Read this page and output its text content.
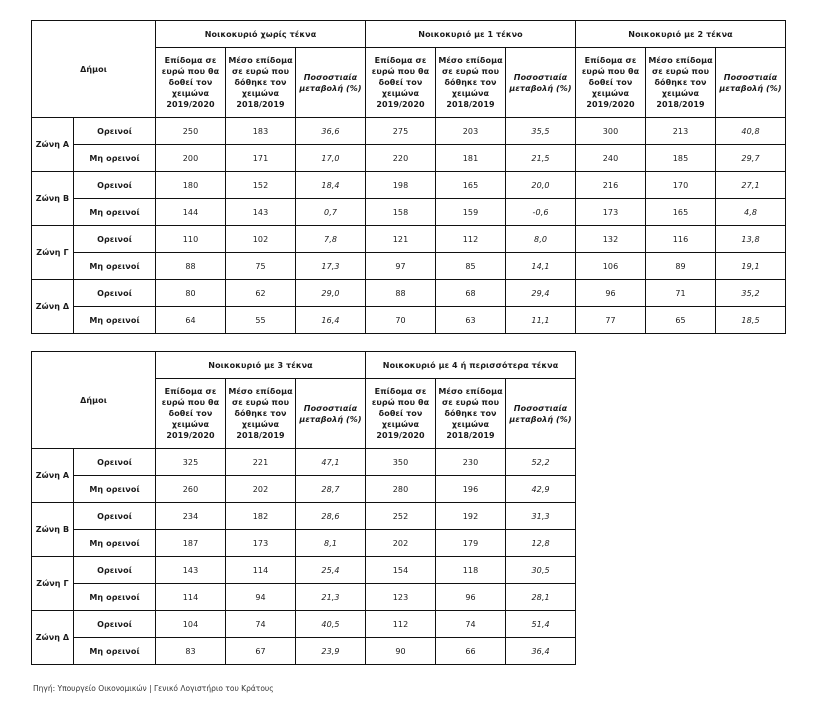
Δήμοι		Νοικοκυριό χωρίς τέκνα			Νοικοκυριό με 1 τέκνο			Νοικοκυριό με 2 τέκνα		
		Επίδομα σε ευρώ που θα δοθεί τον χειμώνα 2019/2020	Μέσο επίδομα σε ευρώ που δόθηκε τον χειμώνα 2018/2019	Ποσοστιαία μεταβολή (%)	Επίδομα σε ευρώ που θα δοθεί τον χειμώνα 2019/2020	Μέσο επίδομα σε ευρώ που δόθηκε τον χειμώνα 2018/2019	Ποσοστιαία μεταβολή (%)	Επίδομα σε ευρώ που θα δοθεί τον χειμώνα 2019/2020	Μέσο επίδομα σε ευρώ που δόθηκε τον χειμώνα 2018/2019	Ποσοστιαία μεταβολή (%)
Ζώνη Α	Ορεινοί	250	183	36,6	275	203	35,5	300	213	40,8
	Μη ορεινοί	200	171	17,0	220	181	21,5	240	185	29,7
Ζώνη Β	Ορεινοί	180	152	18,4	198	165	20,0	216	170	27,1
	Μη ορεινοί	144	143	0,7	158	159	-0,6	173	165	4,8
Ζώνη Γ	Ορεινοί	110	102	7,8	121	112	8,0	132	116	13,8
	Μη ορεινοί	88	75	17,3	97	85	14,1	106	89	19,1
Ζώνη Δ	Ορεινοί	80	62	29,0	88	68	29,4	96	71	35,2
	Μη ορεινοί	64	55	16,4	70	63	11,1	77	65	18,5
Δήμοι		Νοικοκυριό με 3 τέκνα			Νοικοκυριό με 4 ή περισσότερα τέκνα		
		Επίδομα σε ευρώ που θα δοθεί τον χειμώνα 2019/2020	Μέσο επίδομα σε ευρώ που δόθηκε τον χειμώνα 2018/2019	Ποσοστιαία μεταβολή (%)	Επίδομα σε ευρώ που θα δοθεί τον χειμώνα 2019/2020	Μέσο επίδομα σε ευρώ που δόθηκε τον χειμώνα 2018/2019	Ποσοστιαία μεταβολή (%)
Ζώνη Α	Ορεινοί	325	221	47,1	350	230	52,2
	Μη ορεινοί	260	202	28,7	280	196	42,9
Ζώνη Β	Ορεινοί	234	182	28,6	252	192	31,3
	Μη ορεινοί	187	173	8,1	202	179	12,8
Ζώνη Γ	Ορεινοί	143	114	25,4	154	118	30,5
	Μη ορεινοί	114	94	21,3	123	96	28,1
Ζώνη Δ	Ορεινοί	104	74	40,5	112	74	51,4
	Μη ορεινοί	83	67	23,9	90	66	36,4
Πηγή: Υπουργείο Οικονομικών | Γενικό Λογιστήριο του Κράτους
